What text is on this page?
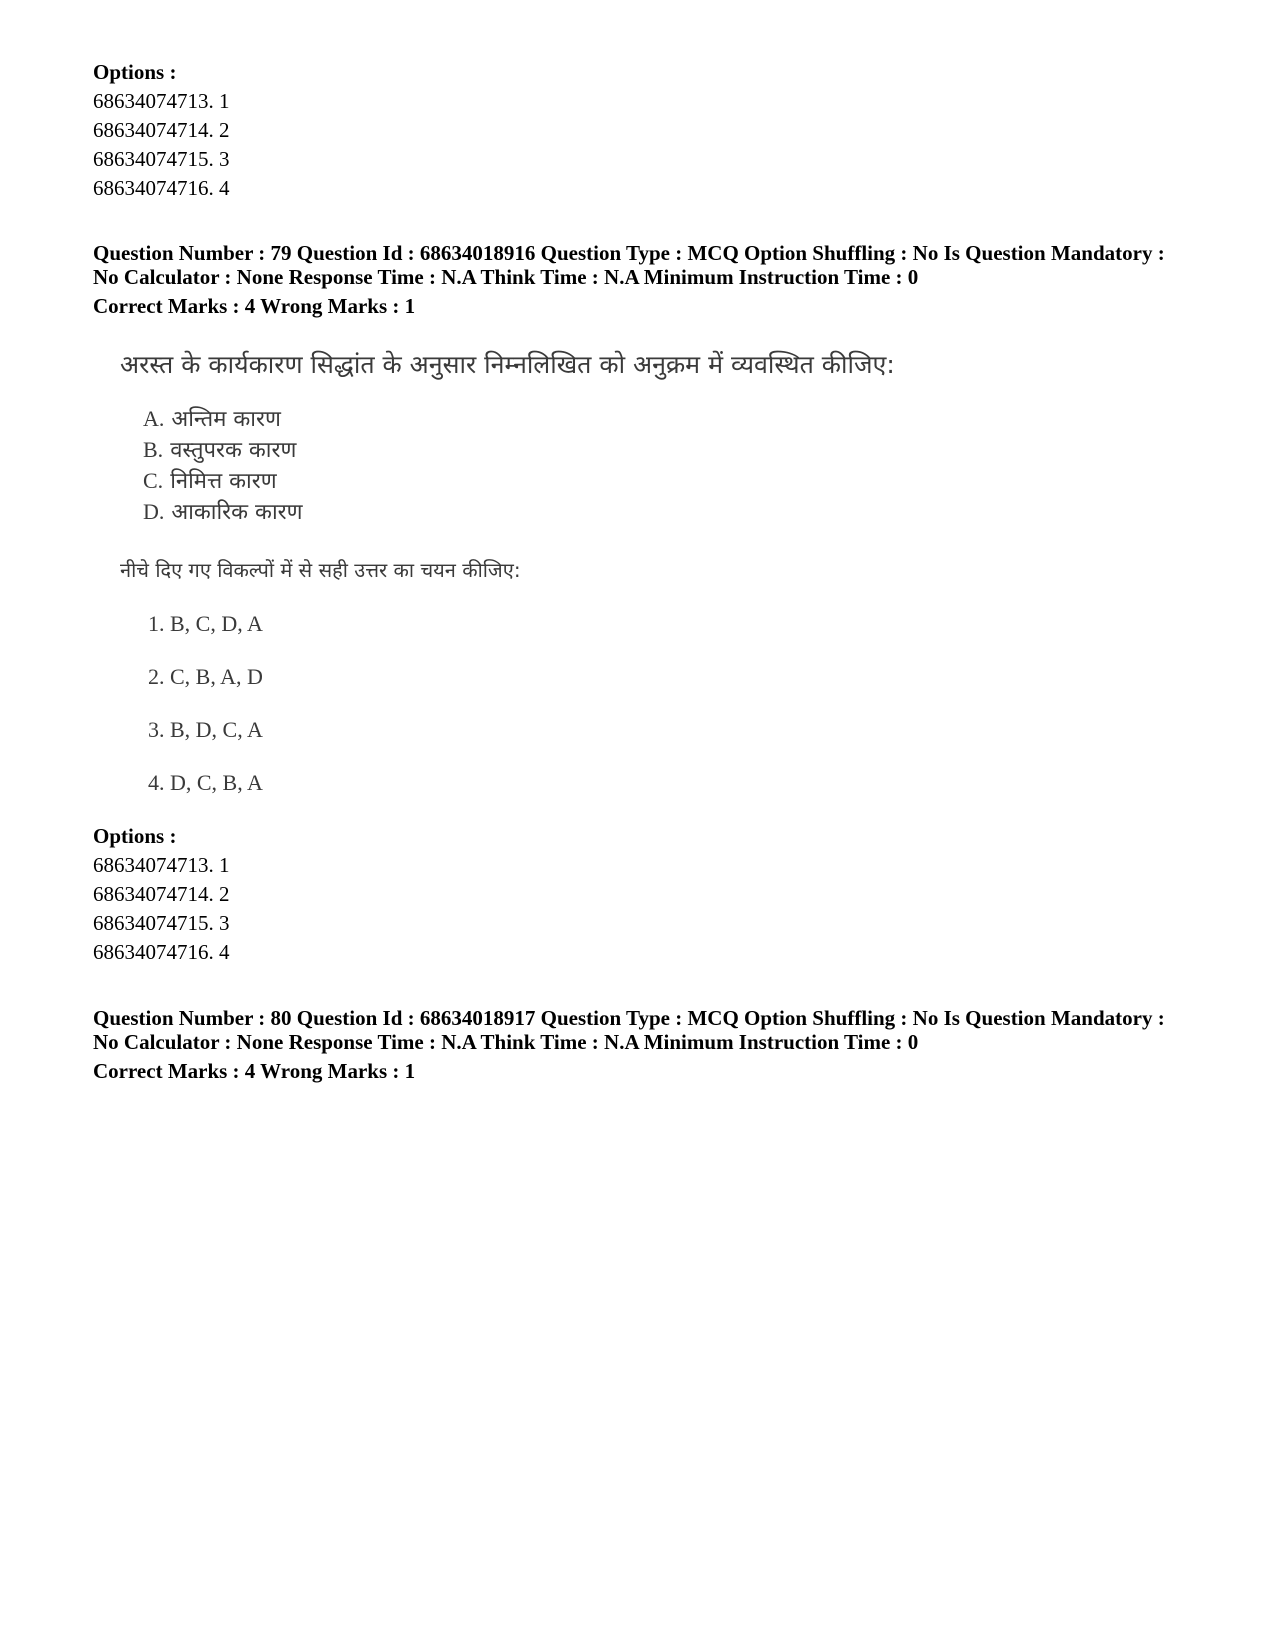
Options :

68634074713. 1

68634074714. 2

68634074715. 3

68634074716. 4

Question Number : 79 Question Id : 68634018916 Question Type : MCQ Option Shuffling : No Is Question Mandatory :

No Calculator : None Response Time : N.A Think Time : N.A Minimum Instruction Time : 0

Correct Marks : 4 Wrong Marks : 1

अरस्त के कार्यकारण सिद्धांत के अनुसार निम्नलिखित को अनुक्रम में व्यवस्थित कीजिए:
A. अन्तिम कारण
B. वस्तुपरक कारण
C. निमित्त कारण
D. आकारिक कारण
नीचे दिए गए विकल्पों में से सही उत्तर का चयन कीजिए:
1. B, C, D, A
2. C, B, A, D
3. B, D, C, A
4. D, C, B, A

Options :

68634074713. 1

68634074714. 2

68634074715. 3

68634074716. 4

Question Number : 80 Question Id : 68634018917 Question Type : MCQ Option Shuffling : No Is Question Mandatory :

No Calculator : None Response Time : N.A Think Time : N.A Minimum Instruction Time : 0

Correct Marks : 4 Wrong Marks : 1
